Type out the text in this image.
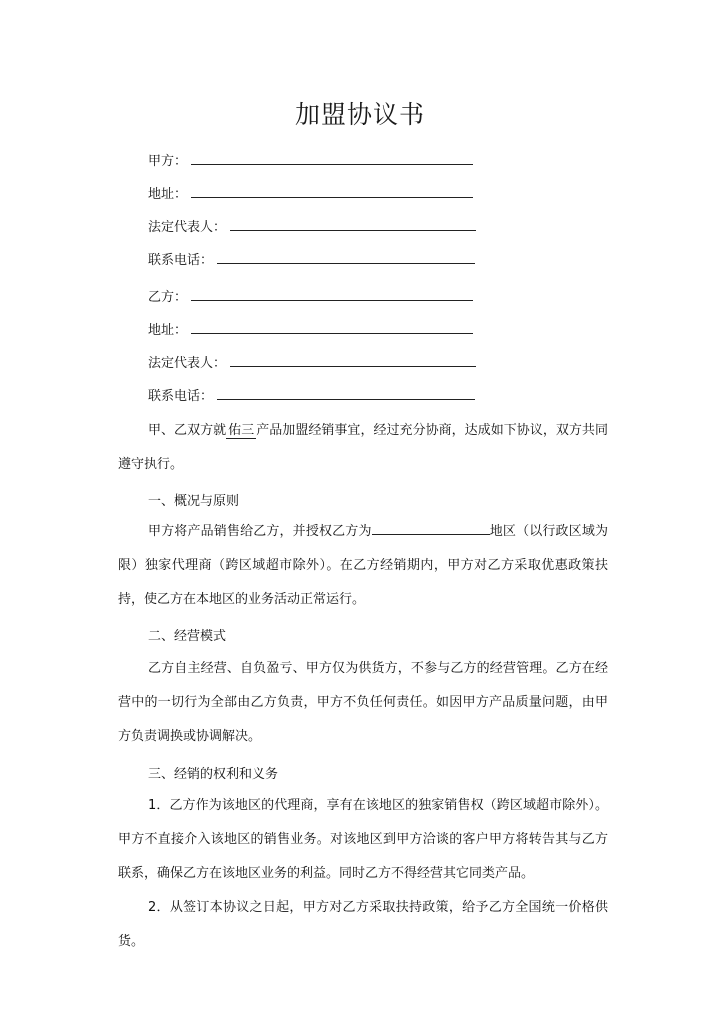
加盟协议书
甲方：
地址：
法定代表人：
联系电话：
乙方：
地址：
法定代表人：
联系电话：

甲、乙双方就 佑三 产品加盟经销事宜，经过充分协商，达成如下协议，双方共同遵守执行。

一、概况与原则

甲方将产品销售给乙方，并授权乙方为	地区（以行政区域为限）独家代理商（跨区域超市除外）。在乙方经销期内，甲方对乙方采取优惠政策扶持，使乙方在本地区的业务活动正常运行。

二、经营模式

乙方自主经营、自负盈亏、甲方仅为供货方，不参与乙方的经营管理。乙方在经营中的一切行为全部由乙方负责，甲方不负任何责任。如因甲方产品质量问题，由甲方负责调换或协调解决。

三、经销的权利和义务

1．乙方作为该地区的代理商，享有在该地区的独家销售权（跨区域超市除外）。甲方不直接介入该地区的销售业务。对该地区到甲方洽谈的客户甲方将转告其与乙方联系，确保乙方在该地区业务的利益。同时乙方不得经营其它同类产品。

2．从签订本协议之日起，甲方对乙方采取扶持政策，给予乙方全国统一价格供货。
